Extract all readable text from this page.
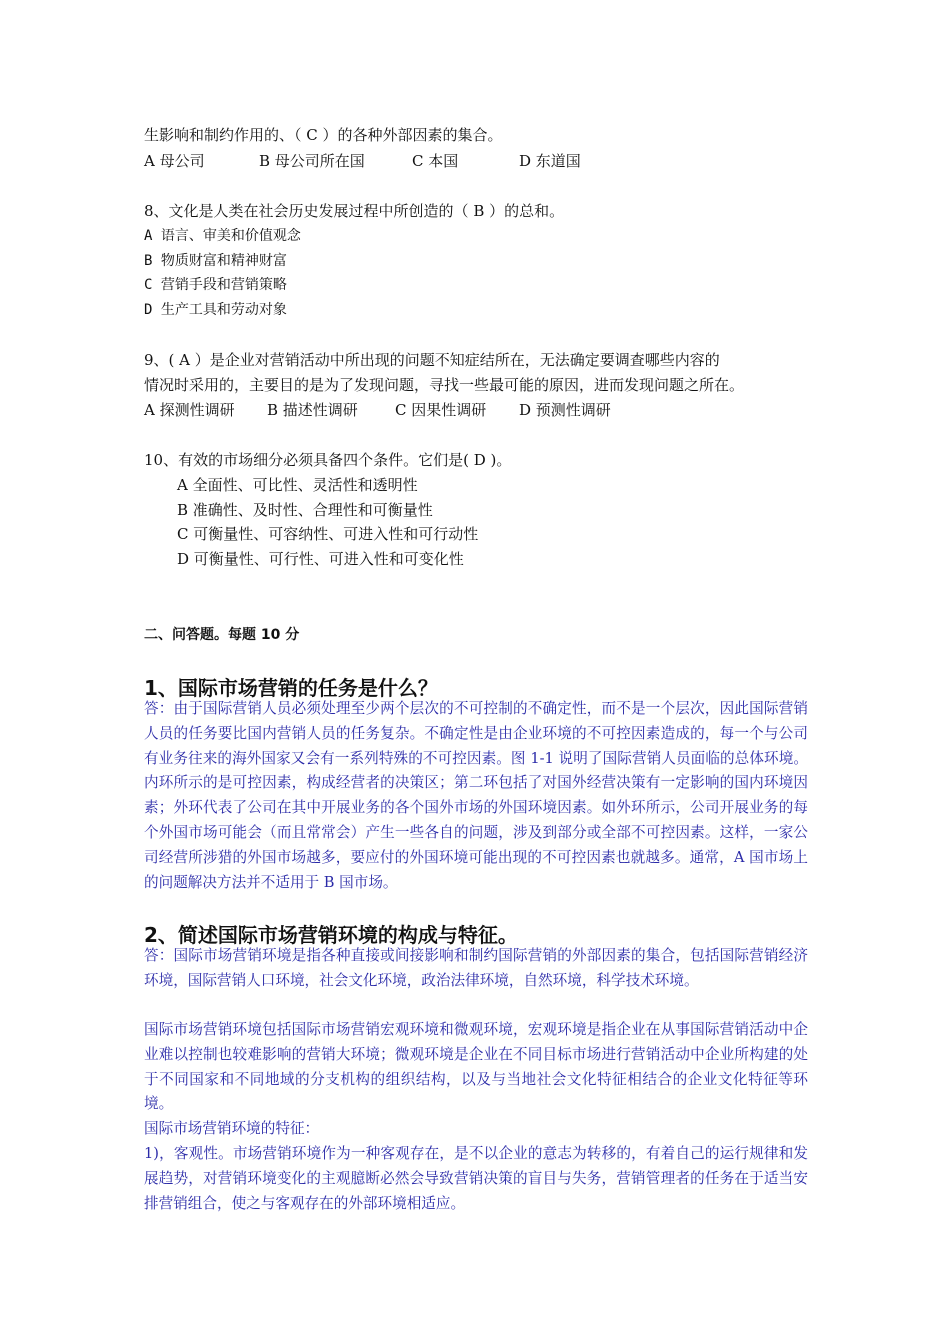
生影响和制约作用的、（ C ）的各种外部因素的集合。
A 母公司	B 母公司所在国	C 本国	D 东道国
8、文化是人类在社会历史发展过程中所创造的（ B ）的总和。
A 语言、审美和价值观念
B 物质财富和精神财富
C 营销手段和营销策略
D 生产工具和劳动对象
9、( A ）是企业对营销活动中所出现的问题不知症结所在，无法确定要调查哪些内容的
情况时采用的，主要目的是为了发现问题，寻找一些最可能的原因，进而发现问题之所在。
A 探测性调研 B 描述性调研 C 因果性调研 D 预测性调研
10、有效的市场细分必须具备四个条件。它们是( D )。
A 全面性、可比性、灵活性和透明性
B 准确性、及时性、合理性和可衡量性
C 可衡量性、可容纳性、可进入性和可行动性
D 可衡量性、可行性、可进入性和可变化性
二、问答题。每题 10 分
1、国际市场营销的任务是什么？
答：由于国际营销人员必须处理至少两个层次的不可控制的不确定性，而不是一个层次，因此国际营销人员的任务要比国内营销人员的任务复杂。不确定性是由企业环境的不可控因素造成的，每一个与公司有业务往来的海外国家又会有一系列特殊的不可控因素。图 1-1 说明了国际营销人员面临的总体环境。内环所示的是可控因素，构成经营者的决策区；第二环包括了对国外经营决策有一定影响的国内环境因素；外环代表了公司在其中开展业务的各个国外市场的外国环境因素。如外环所示，公司开展业务的每个外国市场可能会（而且常常会）产生一些各自的问题，涉及到部分或全部不可控因素。这样，一家公司经营所涉猎的外国市场越多，要应付的外国环境可能出现的不可控因素也就越多。通常，A 国市场上的问题解决方法并不适用于 B 国市场。
2、简述国际市场营销环境的构成与特征。
答：国际市场营销环境是指各种直接或间接影响和制约国际营销的外部因素的集合，包括国际营销经济环境，国际营销人口环境，社会文化环境，政治法律环境，自然环境，科学技术环境。
国际市场营销环境包括国际市场营销宏观环境和微观环境，宏观环境是指企业在从事国际营销活动中企业难以控制也较难影响的营销大环境；微观环境是企业在不同目标市场进行营销活动中企业所构建的处于不同国家和不同地域的分支机构的组织结构，以及与当地社会文化特征相结合的企业文化特征等环境。
国际市场营销环境的特征：
1)，客观性。市场营销环境作为一种客观存在，是不以企业的意志为转移的，有着自己的运行规律和发展趋势，对营销环境变化的主观臆断必然会导致营销决策的盲目与失务，营销管理者的任务在于适当安排营销组合，使之与客观存在的外部环境相适应。
